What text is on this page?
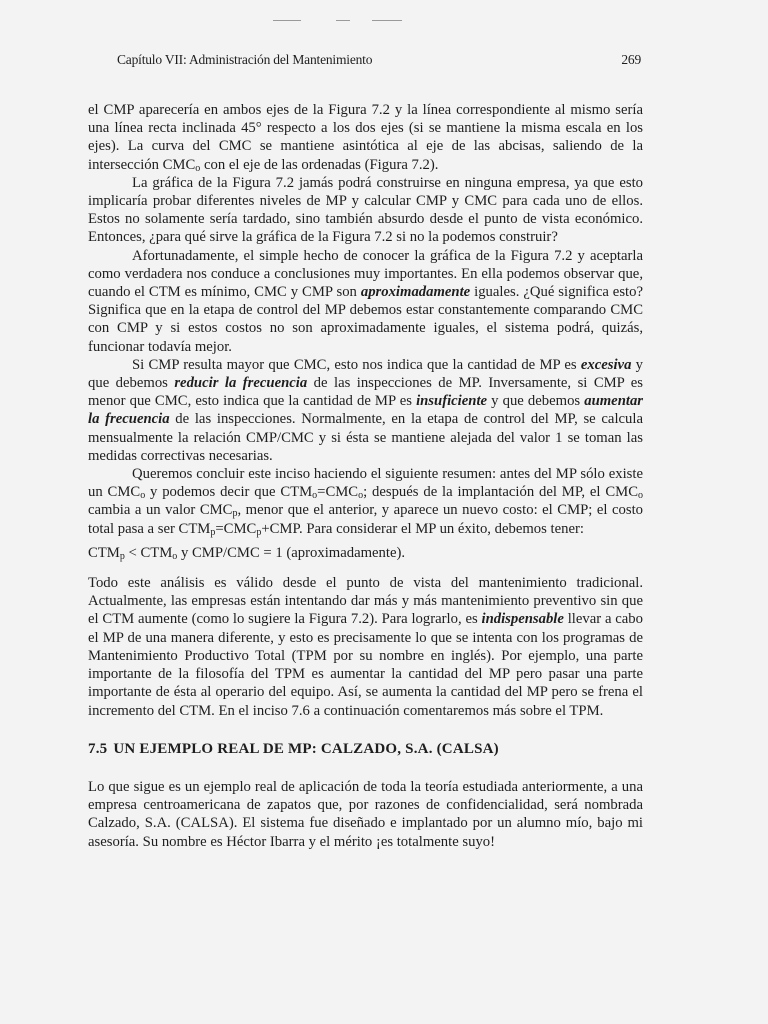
Capítulo VII: Administración del Mantenimiento	269

el CMP aparecería en ambos ejes de la Figura 7.2 y la línea correspondiente al mismo sería una línea recta inclinada 45° respecto a los dos ejes (si se mantiene la misma escala en los ejes). La curva del CMC se mantiene asintótica al eje de las abcisas, saliendo de la intersección $CMC_o$ con el eje de las ordenadas (Figura 7.2).

La gráfica de la Figura 7.2 jamás podrá construirse en ninguna empresa, ya que esto implicaría probar diferentes niveles de MP y calcular CMP y CMC para cada uno de ellos. Estos no solamente sería tardado, sino también absurdo desde el punto de vista económico. Entonces, ¿para qué sirve la gráfica de la Figura 7.2 si no la podemos construir?

Afortunadamente, el simple hecho de conocer la gráfica de la Figura 7.2 y aceptarla como verdadera nos conduce a conclusiones muy importantes. En ella podemos observar que, cuando el CTM es mínimo, CMC y CMP son aproximadamente iguales. ¿Qué significa esto? Significa que en la etapa de control del MP debemos estar constantemente comparando CMC con CMP y si estos costos no son aproximadamente iguales, el sistema podrá, quizás, funcionar todavía mejor.

Si CMP resulta mayor que CMC, esto nos indica que la cantidad de MP es excesiva y que debemos reducir la frecuencia de las inspecciones de MP. Inversamente, si CMP es menor que CMC, esto indica que la cantidad de MP es insuficiente y que debemos aumentar la frecuencia de las inspecciones. Normalmente, en la etapa de control del MP, se calcula mensualmente la relación CMP/CMC y si ésta se mantiene alejada del valor 1 se toman las medidas correctivas necesarias.

Queremos concluir este inciso haciendo el siguiente resumen: antes del MP sólo existe un $CMC_o$ y podemos decir que $CTM_o=CMC_o$; después de la implantación del MP, el $CMC_o$ cambia a un valor $CMC_p$, menor que el anterior, y aparece un nuevo costo: el CMP; el costo total pasa a ser $CTM_p=CMC_p+CMP$. Para considerar el MP un éxito, debemos tener:

$CTM_p < CTM_o$ y CMP/CMC = 1 (aproximadamente).

Todo este análisis es válido desde el punto de vista del mantenimiento tradicional. Actualmente, las empresas están intentando dar más y más mantenimiento preventivo sin que el CTM aumente (como lo sugiere la Figura 7.2). Para lograrlo, es indispensable llevar a cabo el MP de una manera diferente, y esto es precisamente lo que se intenta con los programas de Mantenimiento Productivo Total (TPM por su nombre en inglés). Por ejemplo, una parte importante de la filosofía del TPM es aumentar la cantidad del MP pero pasar una parte importante de ésta al operario del equipo. Así, se aumenta la cantidad del MP pero se frena el incremento del CTM. En el inciso 7.6 a continuación comentaremos más sobre el TPM.

7.5 UN EJEMPLO REAL DE MP: CALZADO, S.A. (CALSA)

Lo que sigue es un ejemplo real de aplicación de toda la teoría estudiada anteriormente, a una empresa centroamericana de zapatos que, por razones de confidencialidad, será nombrada Calzado, S.A. (CALSA). El sistema fue diseñado e implantado por un alumno mío, bajo mi asesoría. Su nombre es Héctor Ibarra y el mérito ¡es totalmente suyo!
